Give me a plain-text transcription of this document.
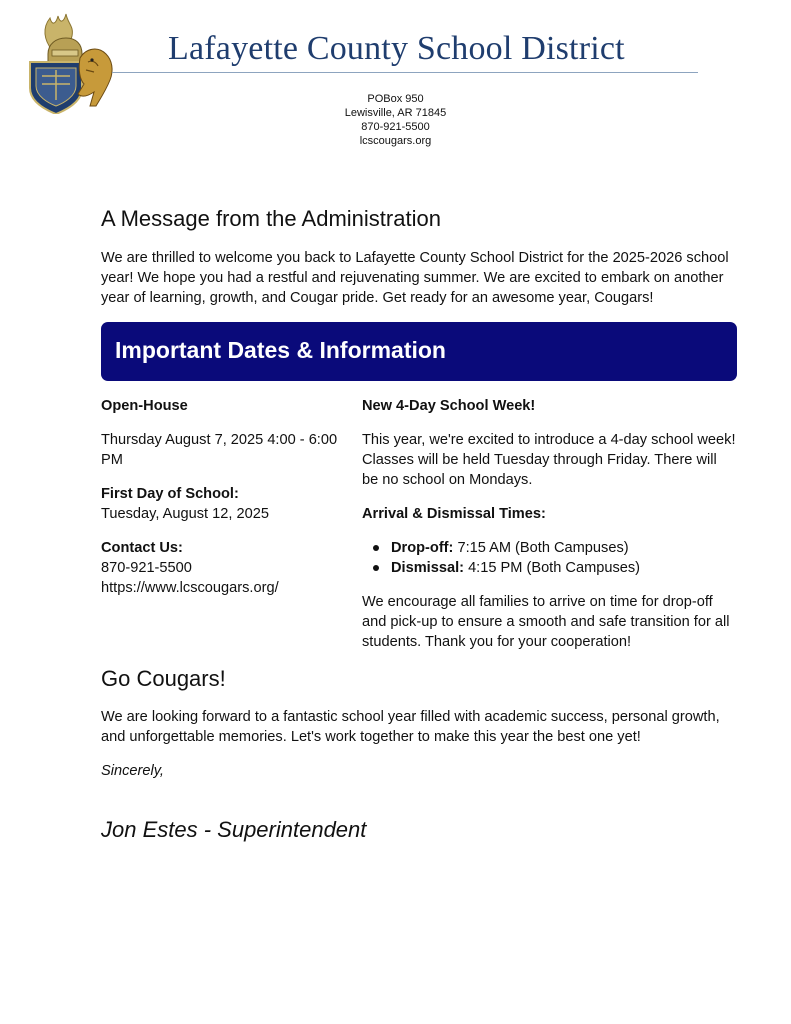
Lafayette County School District
POBox 950
Lewisville, AR 71845
870-921-5500
lcscougars.org
A Message from the Administration
We are thrilled to welcome you back to Lafayette County School District for the 2025-2026 school year! We hope you had a restful and rejuvenating summer. We are excited to embark on another year of learning, growth, and Cougar pride. Get ready for an awesome year, Cougars!
Important Dates & Information

Open-House

Thursday August 7, 2025 4:00 - 6:00 PM

First Day of School:

Tuesday, August 12, 2025

Contact Us:

870-921-5500

https://www.lcscougars.org/

New 4-Day School Week!

This year, we're excited to introduce a 4-day school week! Classes will be held Tuesday through Friday. There will be no school on Mondays.

Arrival & Dismissal Times:

Drop-off: 7:15 AM (Both Campuses)
Dismissal: 4:15 PM (Both Campuses)

We encourage all families to arrive on time for drop-off and pick-up to ensure a smooth and safe transition for all students. Thank you for your cooperation!

Go Cougars!
We are looking forward to a fantastic school year filled with academic success, personal growth, and unforgettable memories. Let's work together to make this year the best one yet!
Sincerely,
Jon Estes - Superintendent
